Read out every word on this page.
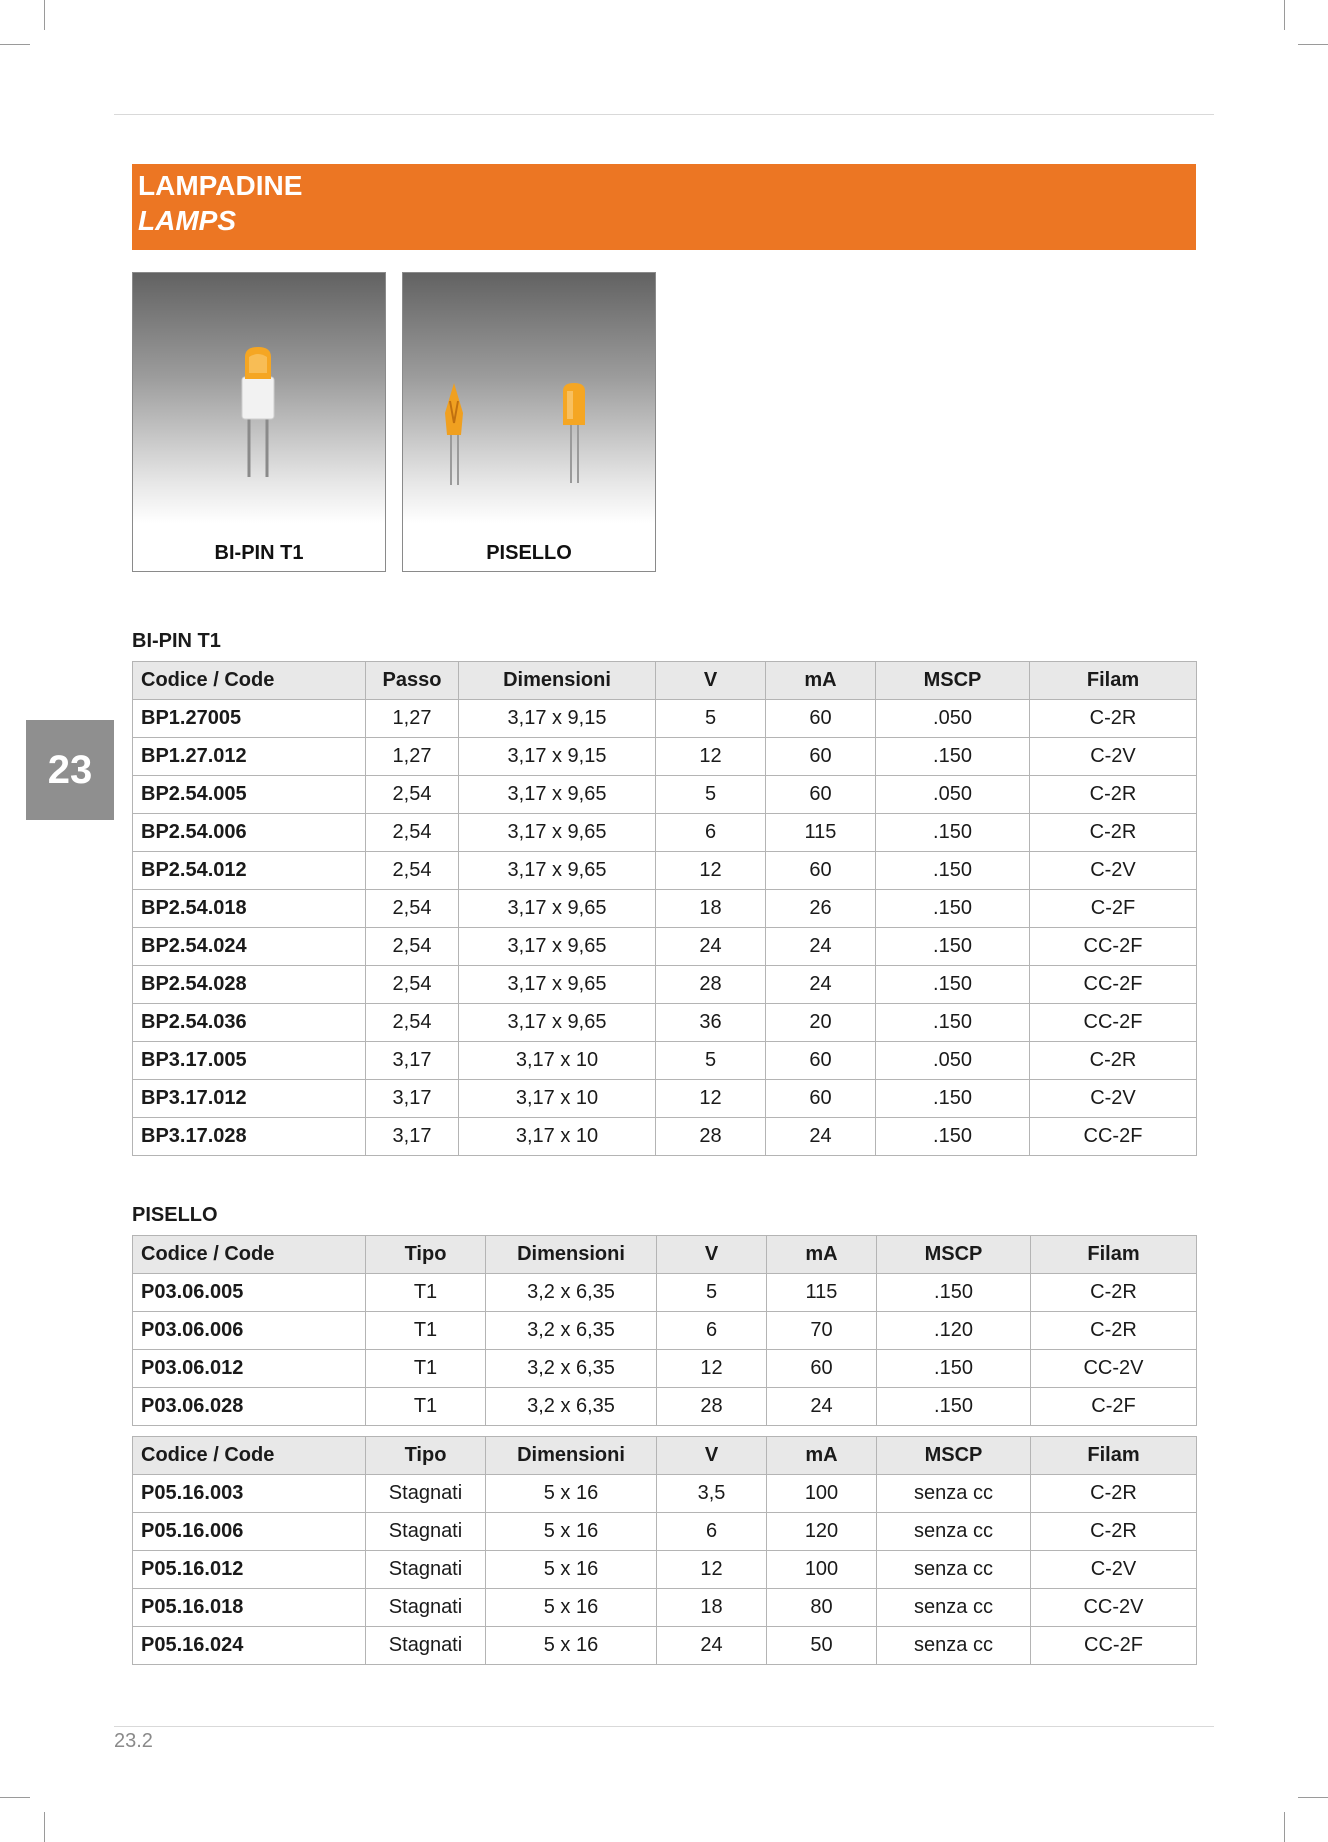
LAMPADINE
LAMPS
BI-PIN T1	PISELLO
23
BI-PIN T1
Codice / Code	Passo	Dimensioni	V	mA	MSCP	Filam
BP1.27005	1,27	3,17 x 9,15	5	60	.050	C-2R
BP1.27.012	1,27	3,17 x 9,15	12	60	.150	C-2V
BP2.54.005	2,54	3,17 x 9,65	5	60	.050	C-2R
BP2.54.006	2,54	3,17 x 9,65	6	115	.150	C-2R
BP2.54.012	2,54	3,17 x 9,65	12	60	.150	C-2V
BP2.54.018	2,54	3,17 x 9,65	18	26	.150	C-2F
BP2.54.024	2,54	3,17 x 9,65	24	24	.150	CC-2F
BP2.54.028	2,54	3,17 x 9,65	28	24	.150	CC-2F
BP2.54.036	2,54	3,17 x 9,65	36	20	.150	CC-2F
BP3.17.005	3,17	3,17 x 10	5	60	.050	C-2R
BP3.17.012	3,17	3,17 x 10	12	60	.150	C-2V
BP3.17.028	3,17	3,17 x 10	28	24	.150	CC-2F
PISELLO
Codice / Code	Tipo	Dimensioni	V	mA	MSCP	Filam
P03.06.005	T1	3,2 x 6,35	5	115	.150	C-2R
P03.06.006	T1	3,2 x 6,35	6	70	.120	C-2R
P03.06.012	T1	3,2 x 6,35	12	60	.150	CC-2V
P03.06.028	T1	3,2 x 6,35	28	24	.150	C-2F
Codice / Code	Tipo	Dimensioni	V	mA	MSCP	Filam
P05.16.003	Stagnati	5 x 16	3,5	100	senza cc	C-2R
P05.16.006	Stagnati	5 x 16	6	120	senza cc	C-2R
P05.16.012	Stagnati	5 x 16	12	100	senza cc	C-2V
P05.16.018	Stagnati	5 x 16	18	80	senza cc	CC-2V
P05.16.024	Stagnati	5 x 16	24	50	senza cc	CC-2F
23.2
